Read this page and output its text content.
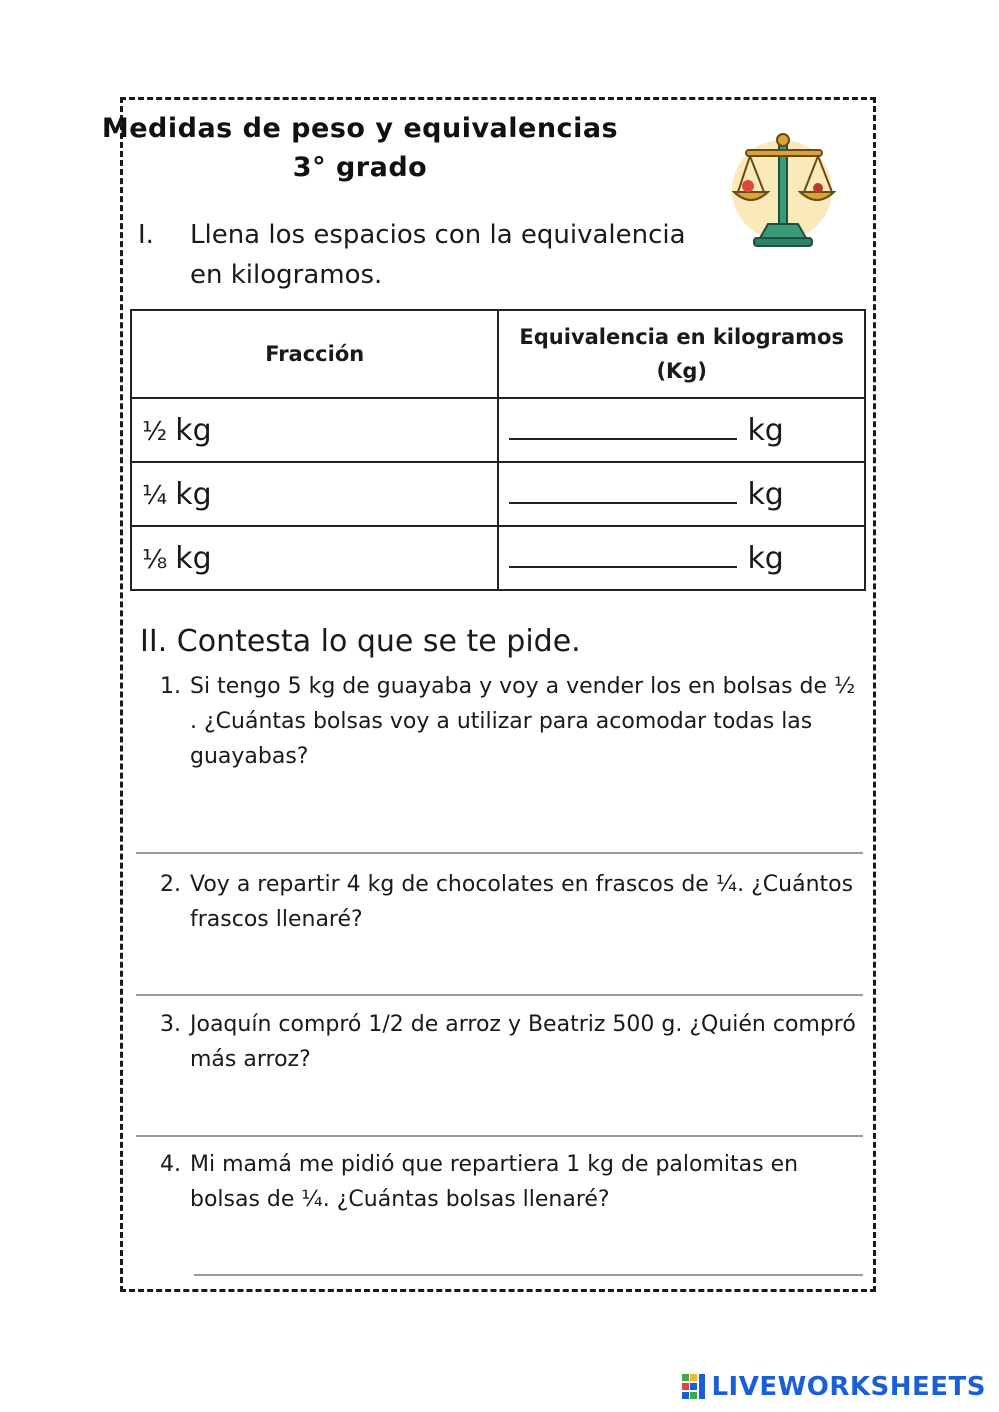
Medidas de peso y equivalencias
3° grado
I. Llena los espacios con la equivalencia en kilogramos.
Fracción	Equivalencia en kilogramos (Kg)
½ kg	kg
¼ kg	kg
⅛ kg	kg
II. Contesta lo que se te pide.
1. Si tengo 5 kg de guayaba y voy a vender los en bolsas de ½ . ¿Cuántas bolsas voy a utilizar para acomodar todas las guayabas?
2. Voy a repartir 4 kg de chocolates en frascos de ¼. ¿Cuántos frascos llenaré?
3. Joaquín compró 1/2 de arroz y Beatriz 500 g. ¿Quién compró más arroz?
4. Mi mamá me pidió que repartiera 1 kg de palomitas en bolsas de ¼. ¿Cuántas bolsas llenaré?
LIVEWORKSHEETS
